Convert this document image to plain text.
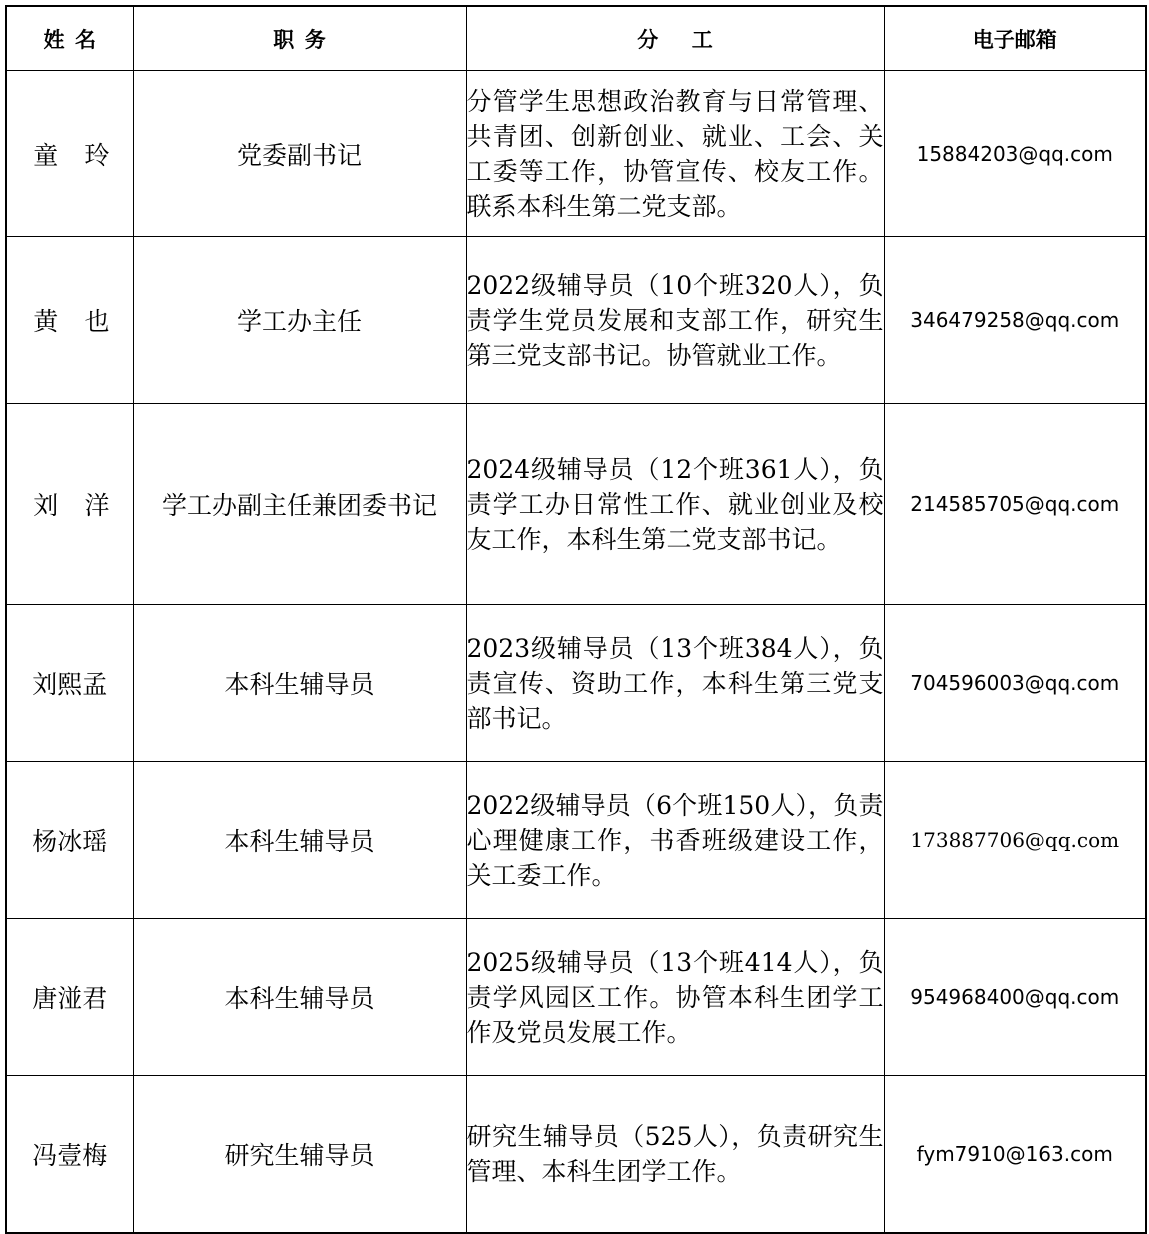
姓名	职务	分工	电子邮箱
童玲	党委副书记	分管学生思想政治教育与日常管理、共青团、创新创业、就业、工会、关工委等工作，协管宣传、校友工作。联系本科生第二党支部。	15884203@qq.com
黄也	学工办主任	2022级辅导员（10个班320人），负责学生党员发展和支部工作，研究生第三党支部书记。协管就业工作。	346479258@qq.com
刘洋	学工办副主任兼团委书记	2024级辅导员（12个班361人），负责学工办日常性工作、就业创业及校友工作，本科生第二党支部书记。	214585705@qq.com
刘熙孟	本科生辅导员	2023级辅导员（13个班384人），负责宣传、资助工作，本科生第三党支部书记。	704596003@qq.com
杨冰瑶	本科生辅导员	2022级辅导员（6个班150人），负责心理健康工作，书香班级建设工作，关工委工作。	173887706@qq.com
唐湴君	本科生辅导员	2025级辅导员（13个班414人），负责学风园区工作。协管本科生团学工作及党员发展工作。	954968400@qq.com
冯壹梅	研究生辅导员	研究生辅导员（525人），负责研究生管理、本科生团学工作。	fym7910@163.com
